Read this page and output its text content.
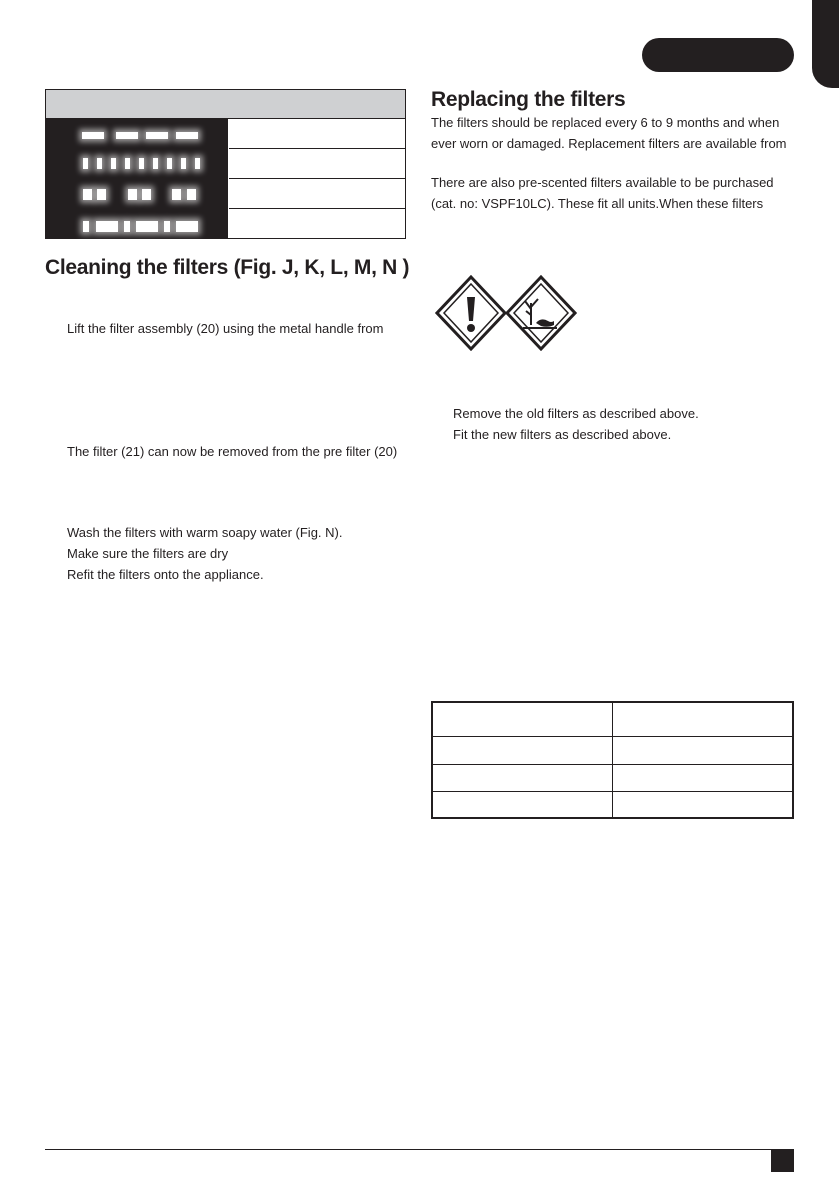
Cleaning the filters (Fig. J, K, L, M, N )

Lift the filter assembly (20) using the metal handle from

The filter (21) can now be removed from the pre filter (20)

Wash the filters with warm soapy water (Fig. N).

Make sure the filters are dry

Refit the filters onto the appliance.

Replacing the filters

The filters should be replaced every 6 to 9 months and when

ever worn or damaged. Replacement filters are available from

There are also pre-scented filters available to be purchased

(cat. no: VSPF10LC). These fit all units.When these filters

Remove the old filters as described above.

Fit the new filters as described above.
